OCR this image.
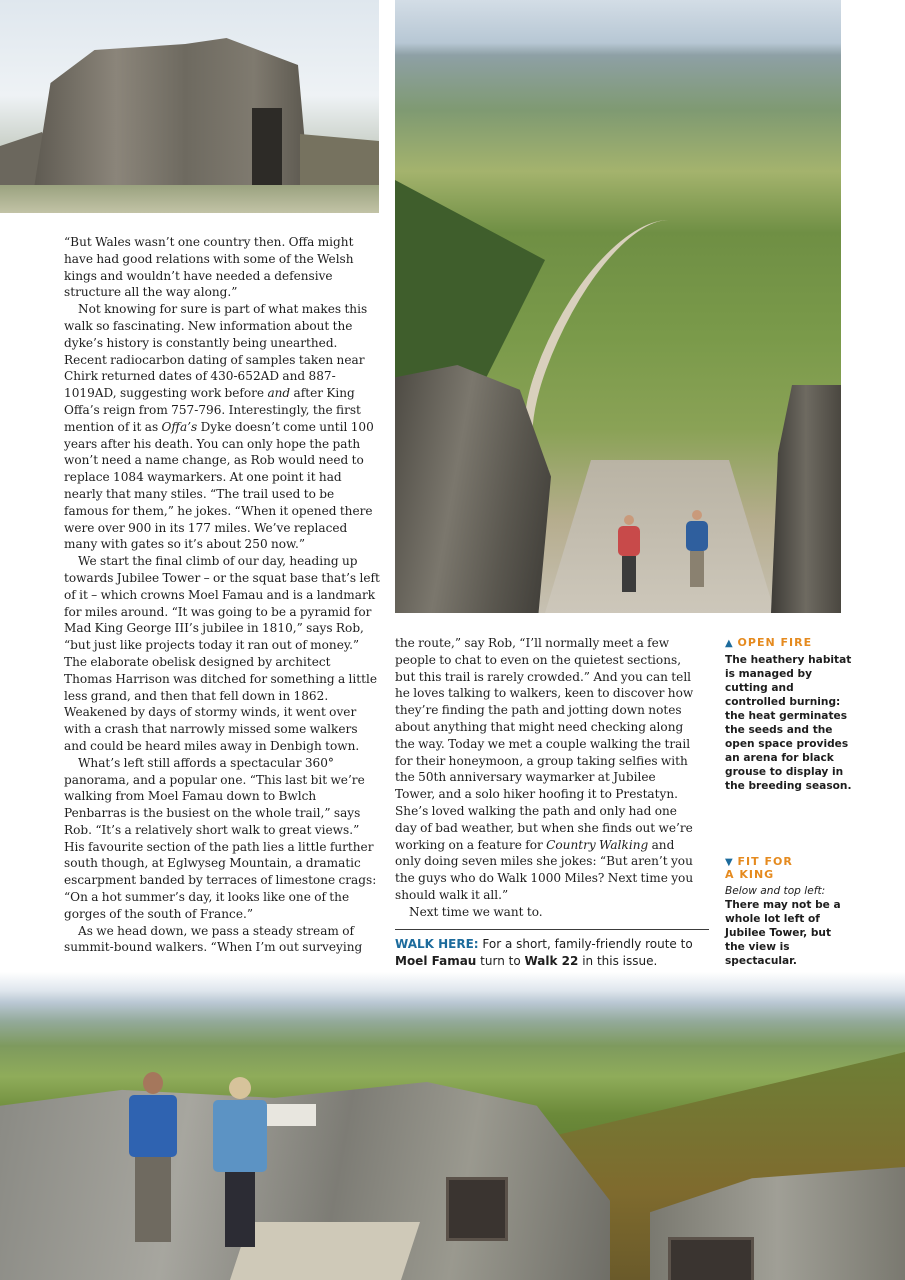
“But Wales wasn’t one country then. Offa might have had good relations with some of the Welsh kings and wouldn’t have needed a defensive structure all the way along.”

Not knowing for sure is part of what makes this walk so fascinating. New information about the dyke’s history is constantly being unearthed. Recent radiocarbon dating of samples taken near Chirk returned dates of 430-652AD and 887-1019AD, suggesting work before and after King Offa’s reign from 757-796. Interestingly, the first mention of it as Offa’s Dyke doesn’t come until 100 years after his death. You can only hope the path won’t need a name change, as Rob would need to replace 1084 waymarkers. At one point it had nearly that many stiles. “The trail used to be famous for them,” he jokes. “When it opened there were over 900 in its 177 miles. We’ve replaced many with gates so it’s about 250 now.”

We start the final climb of our day, heading up towards Jubilee Tower – or the squat base that’s left of it – which crowns Moel Famau and is a landmark for miles around. “It was going to be a pyramid for Mad King George III’s jubilee in 1810,” says Rob, “but just like projects today it ran out of money.” The elaborate obelisk designed by architect Thomas Harrison was ditched for something a little less grand, and then that fell down in 1862. Weakened by days of stormy winds, it went over with a crash that narrowly missed some walkers and could be heard miles away in Denbigh town.

What’s left still affords a spectacular 360° panorama, and a popular one. “This last bit we’re walking from Moel Famau down to Bwlch Penbarras is the busiest on the whole trail,” says Rob. “It’s a relatively short walk to great views.” His favourite section of the path lies a little further south though, at Eglwyseg Mountain, a dramatic escarpment banded by terraces of limestone crags: “On a hot summer’s day, it looks like one of the gorges of the south of France.”

As we head down, we pass a steady stream of summit-bound walkers. “When I’m out surveying

the route,” say Rob, “I’ll normally meet a few people to chat to even on the quietest sections, but this trail is rarely crowded.” And you can tell he loves talking to walkers, keen to discover how they’re finding the path and jotting down notes about anything that might need checking along the way. Today we met a couple walking the trail for their honeymoon, a group taking selfies with the 50th anniversary waymarker at Jubilee Tower, and a solo hiker hoofing it to Prestatyn. She’s loved walking the path and only had one day of bad weather, but when she finds out we’re working on a feature for Country Walking and only doing seven miles she jokes: “But aren’t you the guys who do Walk 1000 Miles? Next time you should walk it all.”

Next time we want to.

WALK HERE: For a short, family-friendly route to Moel Famau turn to Walk 22 in this issue.
▲ OPEN FIRE
The heathery habitat is managed by cutting and controlled burning: the heat germinates the seeds and the open space provides an arena for black grouse to display in the breeding season.
▼ FIT FOR
A KING
Below and top left:
There may not be a whole lot left of Jubilee Tower, but the view is spectacular.
